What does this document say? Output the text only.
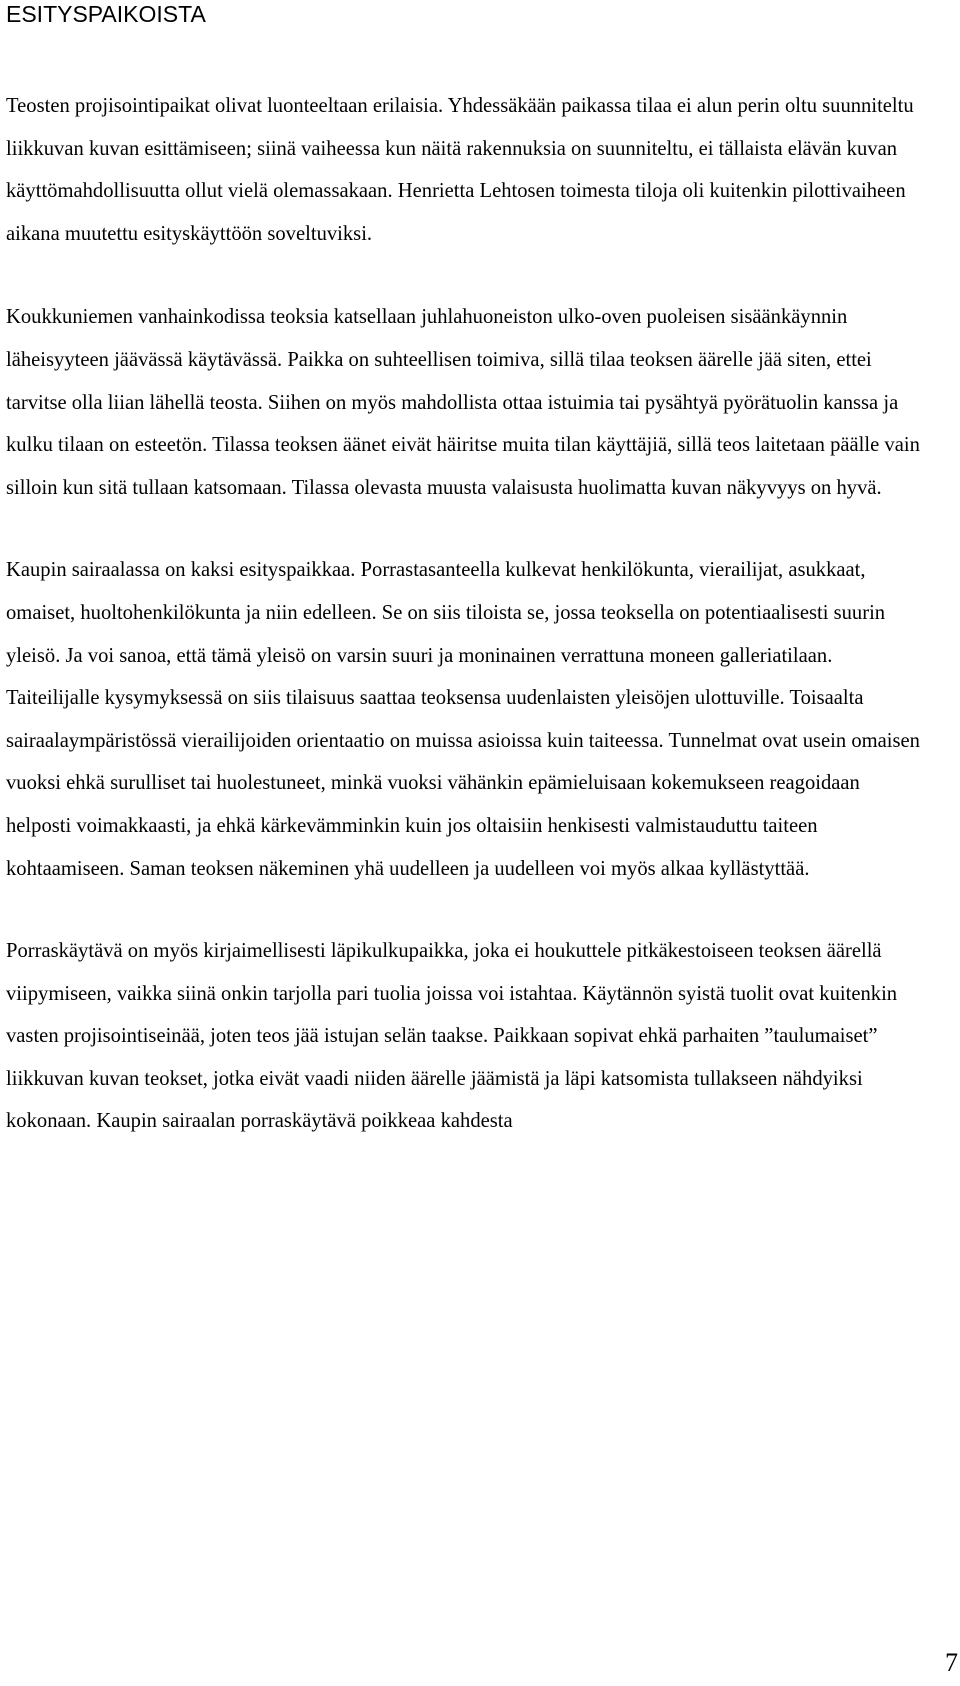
ESITYSPAIKOISTA

Teosten projisointipaikat olivat luonteeltaan erilaisia. Yhdessäkään paikassa tilaa ei alun perin oltu suunniteltu liikkuvan kuvan esittämiseen; siinä vaiheessa kun näitä rakennuksia on suunniteltu, ei tällaista elävän kuvan käyttömahdollisuutta ollut vielä olemassakaan. Henrietta Lehtosen toimesta tiloja oli kuitenkin pilottivaiheen aikana muutettu esityskäyttöön soveltuviksi.

Koukkuniemen vanhainkodissa teoksia katsellaan juhlahuoneiston ulko-oven puoleisen sisäänkäynnin läheisyyteen jäävässä käytävässä. Paikka on suhteellisen toimiva, sillä tilaa teoksen äärelle jää siten, ettei tarvitse olla liian lähellä teosta. Siihen on myös mahdollista ottaa istuimia tai pysähtyä pyörätuolin kanssa ja kulku tilaan on esteetön. Tilassa teoksen äänet eivät häiritse muita tilan käyttäjiä, sillä teos laitetaan päälle vain silloin kun sitä tullaan katsomaan. Tilassa olevasta muusta valaisusta huolimatta kuvan näkyvyys on hyvä.

Kaupin sairaalassa on kaksi esityspaikkaa. Porrastasanteella kulkevat henkilökunta, vierailijat, asukkaat, omaiset, huoltohenkilökunta ja niin edelleen. Se on siis tiloista se, jossa teoksella on potentiaalisesti suurin yleisö. Ja voi sanoa, että tämä yleisö on varsin suuri ja moninainen verrattuna moneen galleriatilaan. Taiteilijalle kysymyksessä on siis tilaisuus saattaa teoksensa uudenlaisten yleisöjen ulottuville. Toisaalta sairaalaympäristössä vierailijoiden orientaatio on muissa asioissa kuin taiteessa. Tunnelmat ovat usein omaisen vuoksi ehkä surulliset tai huolestuneet, minkä vuoksi vähänkin epämieluisaan kokemukseen reagoidaan helposti voimakkaasti, ja ehkä kärkevämminkin kuin jos oltaisiin henkisesti valmistauduttu taiteen kohtaamiseen. Saman teoksen näkeminen yhä uudelleen ja uudelleen voi myös alkaa kyllästyttää.

Porraskäytävä on myös kirjaimellisesti läpikulkupaikka, joka ei houkuttele pitkäkestoiseen teoksen äärellä viipymiseen, vaikka siinä onkin tarjolla pari tuolia joissa voi istahtaa. Käytännön syistä tuolit ovat kuitenkin vasten projisointiseinää, joten teos jää istujan selän taakse. Paikkaan sopivat ehkä parhaiten ”taulumaiset” liikkuvan kuvan teokset, jotka eivät vaadi niiden äärelle jäämistä ja läpi katsomista tullakseen nähdyiksi kokonaan. Kaupin sairaalan porraskäytävä poikkeaa kahdesta

7
